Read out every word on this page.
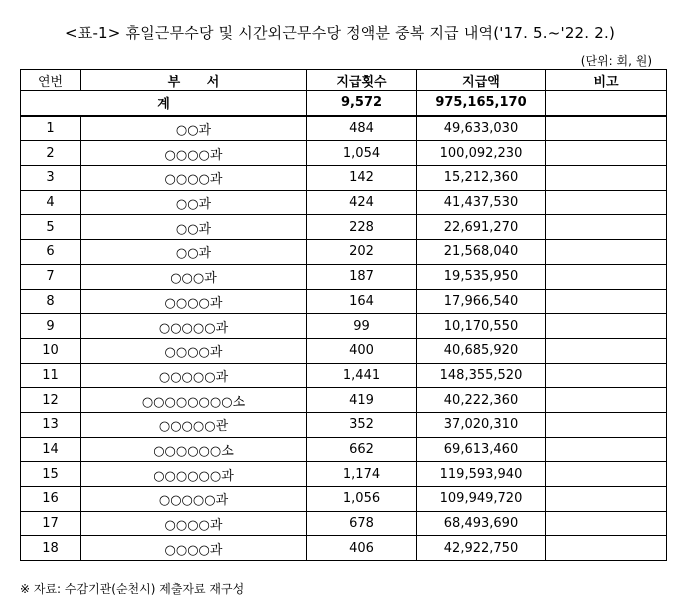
<표-1> 휴일근무수당 및 시간외근무수당 정액분 중복 지급 내역('17. 5.~'22. 2.)
(단위: 회, 원)
연번	부 서	지급횟수	지급액	비고
계		9,572	975,165,170	
1	○○과	484	49,633,030	
2	○○○○과	1,054	100,092,230	
3	○○○○과	142	15,212,360	
4	○○과	424	41,437,530	
5	○○과	228	22,691,270	
6	○○과	202	21,568,040	
7	○○○과	187	19,535,950	
8	○○○○과	164	17,966,540	
9	○○○○○과	99	10,170,550	
10	○○○○과	400	40,685,920	
11	○○○○○과	1,441	148,355,520	
12	○○○○○○○○소	419	40,222,360	
13	○○○○○관	352	37,020,310	
14	○○○○○○소	662	69,613,460	
15	○○○○○○과	1,174	119,593,940	
16	○○○○○과	1,056	109,949,720	
17	○○○○과	678	68,493,690	
18	○○○○과	406	42,922,750	
※ 자료: 수감기관(순천시) 제출자료 재구성
